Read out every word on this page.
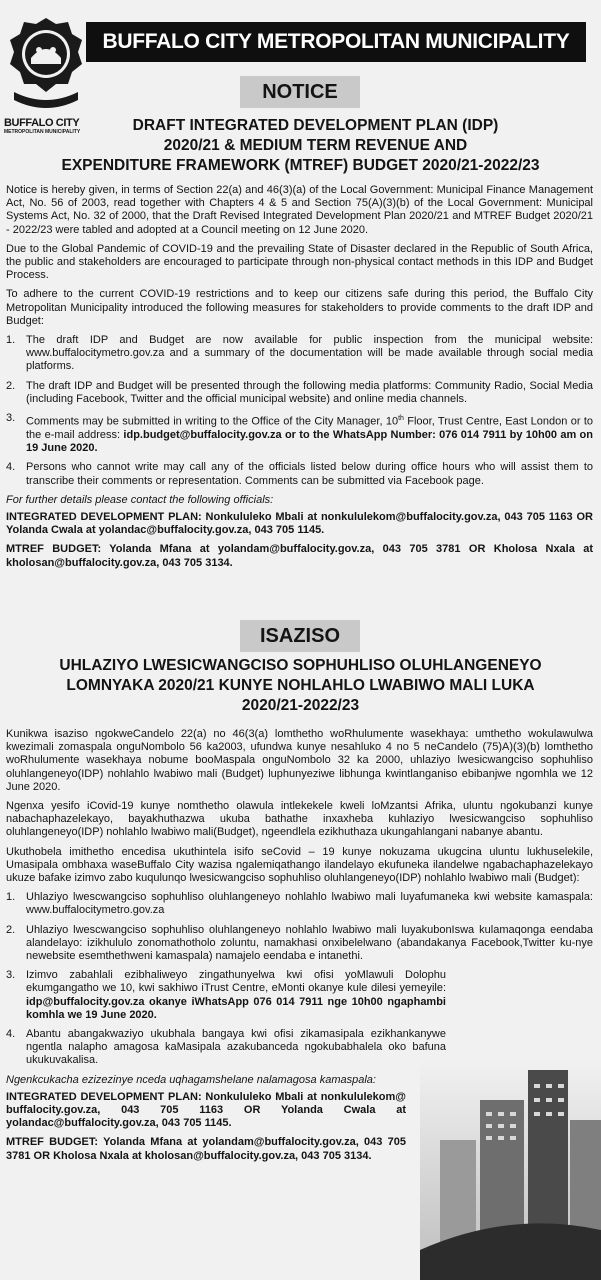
BUFFALO CITY
METROPOLITAN MUNICIPALITY
BUFFALO CITY METROPOLITAN MUNICIPALITY
NOTICE
DRAFT INTEGRATED DEVELOPMENT PLAN (IDP)
2020/21 & MEDIUM TERM REVENUE AND
EXPENDITURE FRAMEWORK (MTREF) BUDGET 2020/21-2022/23

Notice is hereby given, in terms of Section 22(a) and 46(3)(a) of the Local Government: Municipal Finance Management Act, No. 56 of 2003, read together with Chapters 4 & 5 and Section 75(A)(3)(b) of the Local Government: Municipal Systems Act, No. 32 of 2000, that the Draft Revised Integrated Development Plan 2020/21 and MTREF Budget 2020/21 - 2022/23 were tabled and adopted at a Council meeting on 12 June 2020.

Due to the Global Pandemic of COVID-19 and the prevailing State of Disaster declared in the Republic of South Africa, the public and stakeholders are encouraged to participate through non-physical contact methods in this IDP and Budget Process.

To adhere to the current COVID-19 restrictions and to keep our citizens safe during this period, the Buffalo City Metropolitan Municipality introduced the following measures for stakeholders to provide comments to the draft IDP and Budget:

1. The draft IDP and Budget are now available for public inspection from the municipal website: www.buffalocitymetro.gov.za and a summary of the documentation will be made available through social media platforms.
2. The draft IDP and Budget will be presented through the following media platforms: Community Radio, Social Media (including Facebook, Twitter and the official municipal website) and online media channels.
3. Comments may be submitted in writing to the Office of the City Manager, 10th Floor, Trust Centre, East London or to the e-mail address: idp.budget@buffalocity.gov.za or to the WhatsApp Number: 076 014 7911 by 10h00 am on 19 June 2020.
4. Persons who cannot write may call any of the officials listed below during office hours who will assist them to transcribe their comments or representation. Comments can be submitted via Facebook page.

For further details please contact the following officials:

INTEGRATED DEVELOPMENT PLAN: Nonkululeko Mbali at nonkululekom@buffalocity.gov.za, 043 705 1163 OR Yolanda Cwala at yolandac@buffalocity.gov.za, 043 705 1145.

MTREF BUDGET: Yolanda Mfana at yolandam@buffalocity.gov.za, 043 705 3781 OR Kholosa Nxala at kholosan@buffalocity.gov.za, 043 705 3134.

ISAZISO
UHLAZIYO LWESICWANGCISO SOPHUHLISO OLUHLANGENEYO
LOMNYAKA 2020/21 KUNYE NOHLAHLO LWABIWO MALI LUKA
2020/21-2022/23

Kunikwa isaziso ngokweCandelo 22(a) no 46(3(a) lomthetho woRhulumente wasekhaya: umthetho wokulawulwa kwezimali zomaspala onguNombolo 56 ka2003, ufundwa kunye nesahluko 4 no 5 neCandelo (75)A)(3)(b) lomthetho woRhulumente wasekhaya nobume booMaspala onguNombolo 32 ka 2000, uhlaziyo lwesicwangciso sophuhliso oluhlangeneyo(IDP) nohlahlo lwabiwo mali (Budget) luphunyeziwe libhunga kwintlanganiso ebibanjwe ngomhla we 12 June 2020.

Ngenxa yesifo iCovid-19 kunye nomthetho olawula intlekekele kweli loMzantsi Afrika, uluntu ngokubanzi kunye nabachaphazelekayo, bayakhuthazwa ukuba bathathe inxaxheba kuhlaziyo lwesicwangciso sophuhliso oluhlangeneyo(IDP) nohlahlo lwabiwo mali(Budget), ngeendlela ezikhuthaza ukungahlangani nabanye abantu.

Ukuthobela imithetho encedisa ukuthintela isifo seCovid – 19 kunye nokuzama ukugcina uluntu lukhuselekile, Umasipala ombhaxa waseBuffalo City wazisa ngalemiqathango ilandelayo ekufuneka ilandelwe ngabachaphazelekayo ukuze bafake izimvo zabo kuqulunqo lwesicwangciso sophuhliso oluhlangeneyo(IDP) nohlahlo lwabiwo mali (Budget):

1. Uhlaziyo lwescwangciso sophuhliso oluhlangeneyo nohlahlo lwabiwo mali luyafumaneka kwi website kamaspala: www.buffalocitymetro.gov.za
2. Uhlaziyo lwescwangciso sophuhliso oluhlangeneyo nohlahlo lwabiwo mali luyakubonIswa kulamaqonga eendaba alandelayo: izikhululo zonomathotholo zoluntu, namakhasi onxibelelwano (abandakanya Facebook,Twitter ku-nye newebsite esemthethweni kamaspala) namajelo eendaba e intanethi.
3. Izimvo zabahlali ezibhaliweyo zingathunyelwa kwi ofisi yoMlawuli Dolophu ekumgangatho we 10, kwi sakhiwo iTrust Centre, eMonti okanye kule dilesi yemeyile: idp@buffalocity.gov.za okanye iWhatsApp 076 014 7911 nge 10h00 ngaphambi komhla we 19 June 2020.
4. Abantu abangakwaziyo ukubhala bangaya kwi ofisi zikamasipala ezikhankanywe ngentla nalapho amagosa kaMasipala azakubanceda ngokubabhalela oko bafuna ukukuvakalisa.

Ngenkcukacha ezizezinye nceda uqhagamshelane nalamagosa kamaspala:

INTEGRATED DEVELOPMENT PLAN: Nonkululeko Mbali at nonkululekom@ buffalocity.gov.za, 043 705 1163 OR Yolanda Cwala at yolandac@buffalocity.gov.za, 043 705 1145.

MTREF BUDGET: Yolanda Mfana at yolandam@buffalocity.gov.za, 043 705 3781 OR Kholosa Nxala at kholosan@buffalocity.gov.za, 043 705 3134.
